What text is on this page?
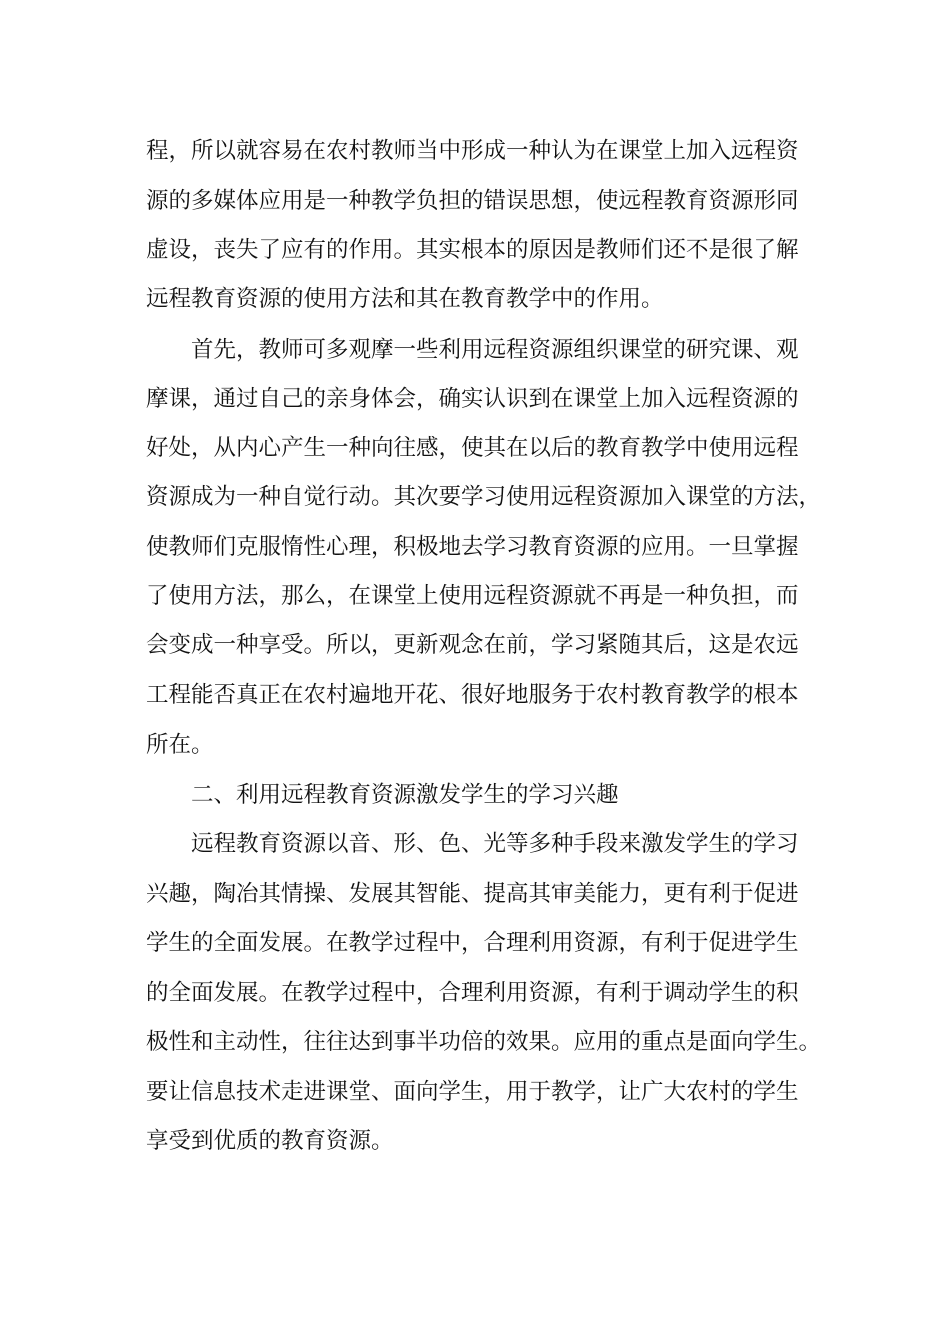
程，所以就容易在农村教师当中形成一种认为在课堂上加入远程资

源的多媒体应用是一种教学负担的错误思想，使远程教育资源形同

虚设，丧失了应有的作用。其实根本的原因是教师们还不是很了解

远程教育资源的使用方法和其在教育教学中的作用。

首先，教师可多观摩一些利用远程资源组织课堂的研究课、观

摩课，通过自己的亲身体会，确实认识到在课堂上加入远程资源的

好处，从内心产生一种向往感，使其在以后的教育教学中使用远程

资源成为一种自觉行动。其次要学习使用远程资源加入课堂的方法，

使教师们克服惰性心理，积极地去学习教育资源的应用。一旦掌握

了使用方法，那么，在课堂上使用远程资源就不再是一种负担，而

会变成一种享受。所以，更新观念在前，学习紧随其后，这是农远

工程能否真正在农村遍地开花、很好地服务于农村教育教学的根本

所在。

二、利用远程教育资源激发学生的学习兴趣

远程教育资源以音、形、色、光等多种手段来激发学生的学习

兴趣，陶冶其情操、发展其智能、提高其审美能力，更有利于促进

学生的全面发展。在教学过程中，合理利用资源，有利于促进学生

的全面发展。在教学过程中，合理利用资源，有利于调动学生的积

极性和主动性，往往达到事半功倍的效果。应用的重点是面向学生。

要让信息技术走进课堂、面向学生，用于教学，让广大农村的学生

享受到优质的教育资源。
